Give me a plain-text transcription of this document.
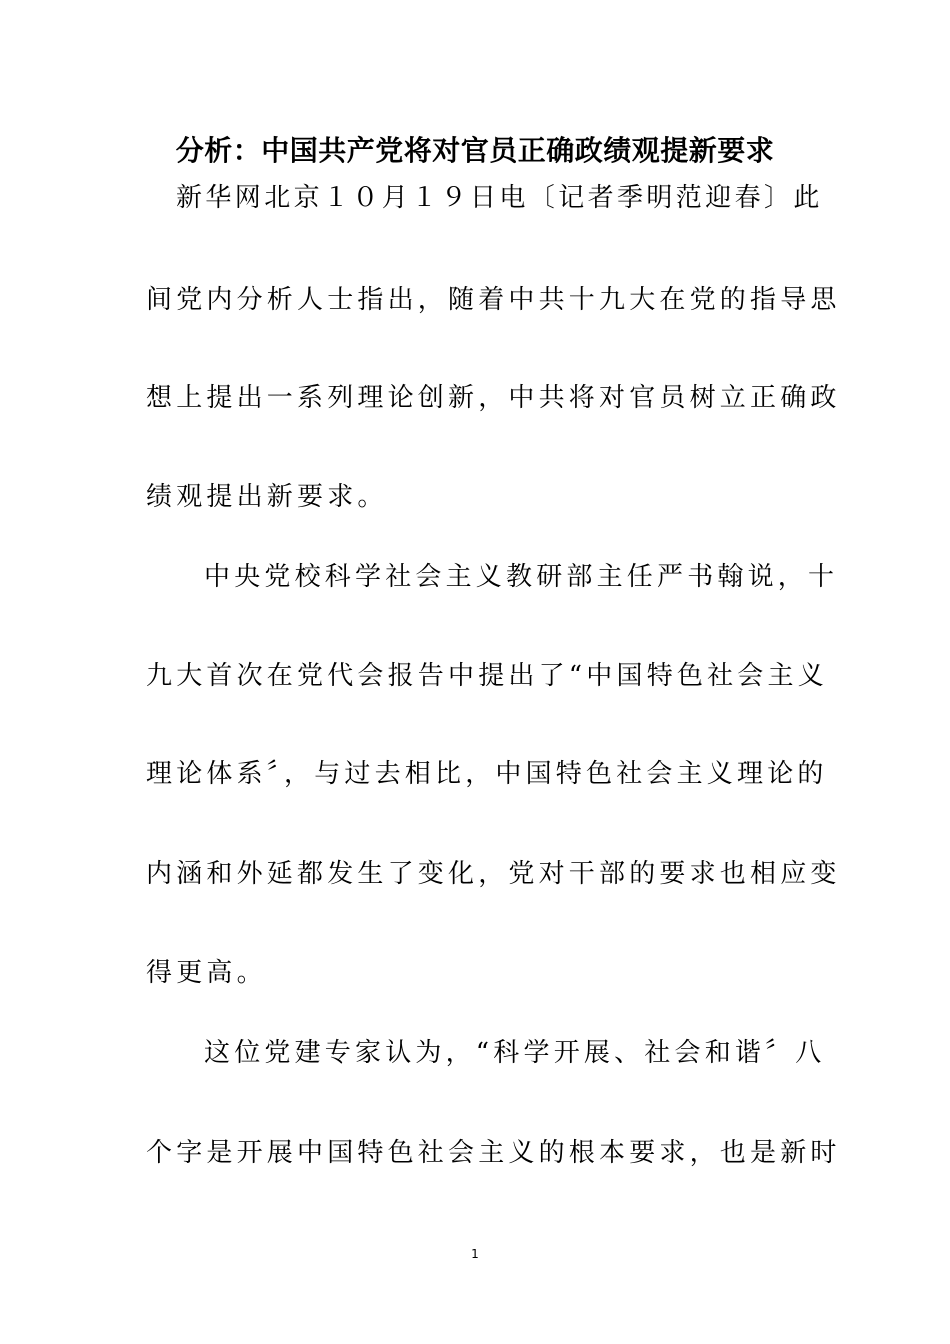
分析：中国共产党将对官员正确政绩观提新要求
新华网北京１０月１９日电〔记者季明范迎春〕此
间党内分析人士指出，随着中共十九大在党的指导思
想上提出一系列理论创新，中共将对官员树立正确政
绩观提出新要求。
中央党校科学社会主义教研部主任严书翰说，十
九大首次在党代会报告中提出了“中国特色社会主义
理论体系〞，与过去相比，中国特色社会主义理论的
内涵和外延都发生了变化，党对干部的要求也相应变
得更高。
这位党建专家认为，“科学开展、社会和谐〞八
个字是开展中国特色社会主义的根本要求，也是新时
1
